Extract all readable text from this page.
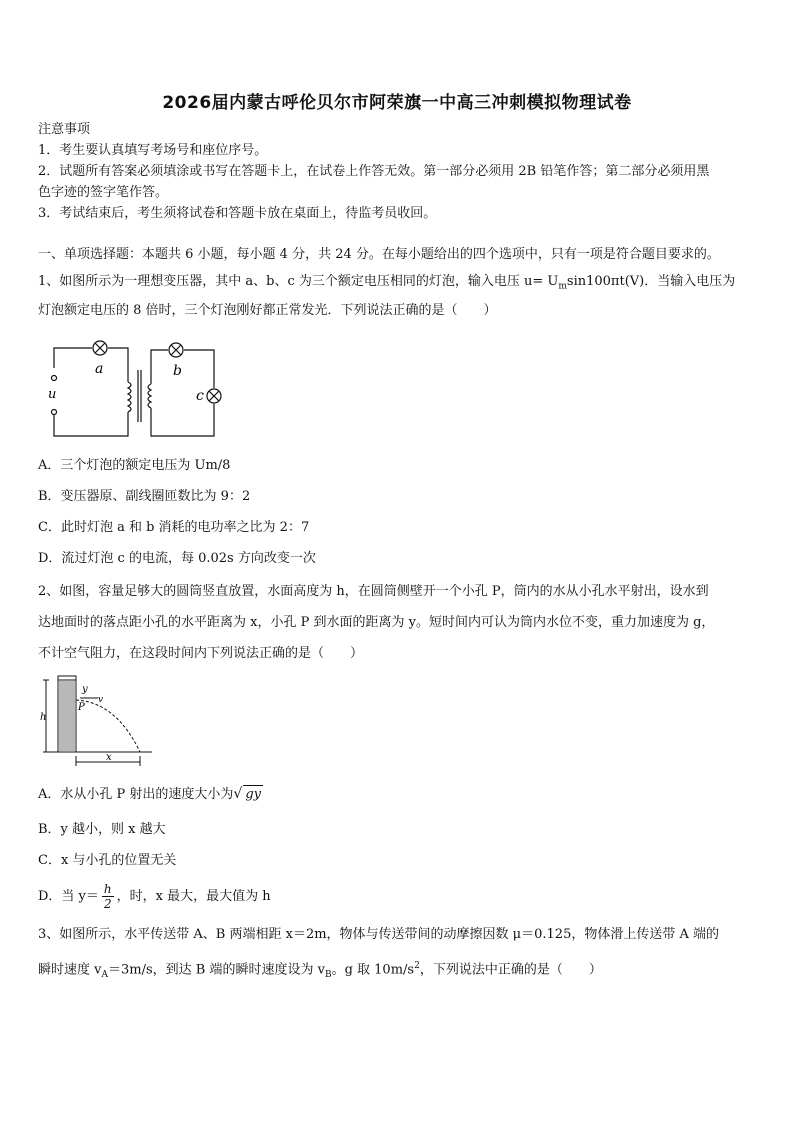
2026届内蒙古呼伦贝尔市阿荣旗一中高三冲刺模拟物理试卷
注意事项
1．考生要认真填写考场号和座位序号。
2．试题所有答案必须填涂或书写在答题卡上，在试卷上作答无效。第一部分必须用 2B 铅笔作答；第二部分必须用黑
色字迹的签字笔作答。
3．考试结束后，考生须将试卷和答题卡放在桌面上，待监考员收回。
一、单项选择题：本题共 6 小题，每小题 4 分，共 24 分。在每小题给出的四个选项中，只有一项是符合题目要求的。
1、如图所示为一理想变压器，其中 a、b、c 为三个额定电压相同的灯泡，输入电压 $u= U_m\sin 100\pi t(V)$．当输入电压为
灯泡额定电压的 8 倍时，三个灯泡刚好都正常发光．下列说法正确的是（　　）
u
a	b
c
A．三个灯泡的额定电压为 Um/8
B．变压器原、副线圈匝数比为 9：2
C．此时灯泡 a 和 b 消耗的电功率之比为 2：7
D．流过灯泡 c 的电流，每 0.02s 方向改变一次
2、如图，容量足够大的圆筒竖直放置，水面高度为 h，在圆筒侧壁开一个小孔 P，筒内的水从小孔水平射出，设水到
达地面时的落点距小孔的水平距离为 x，小孔 P 到水面的距离为 y。短时间内可认为筒内水位不变，重力加速度为 g，
不计空气阻力，在这段时间内下列说法正确的是（　　）
h
y
v
P
x
A．水从小孔 P 射出的速度大小为√ gy
B．y 越小，则 x 越大
C．x 与小孔的位置无关
D．当 $y= \frac{h}{2}$ ，时，x 最大，最大值为 h
3、如图所示，水平传送带 A、B 两端相距 x＝2m，物体与传送带间的动摩擦因数 μ＝0.125，物体滑上传送带 A 端的
瞬时速度 $v_A=3m/s$，到达 B 端的瞬时速度设为 $v_B$。g 取 $10m/s^2$，下列说法中正确的是（　　）
